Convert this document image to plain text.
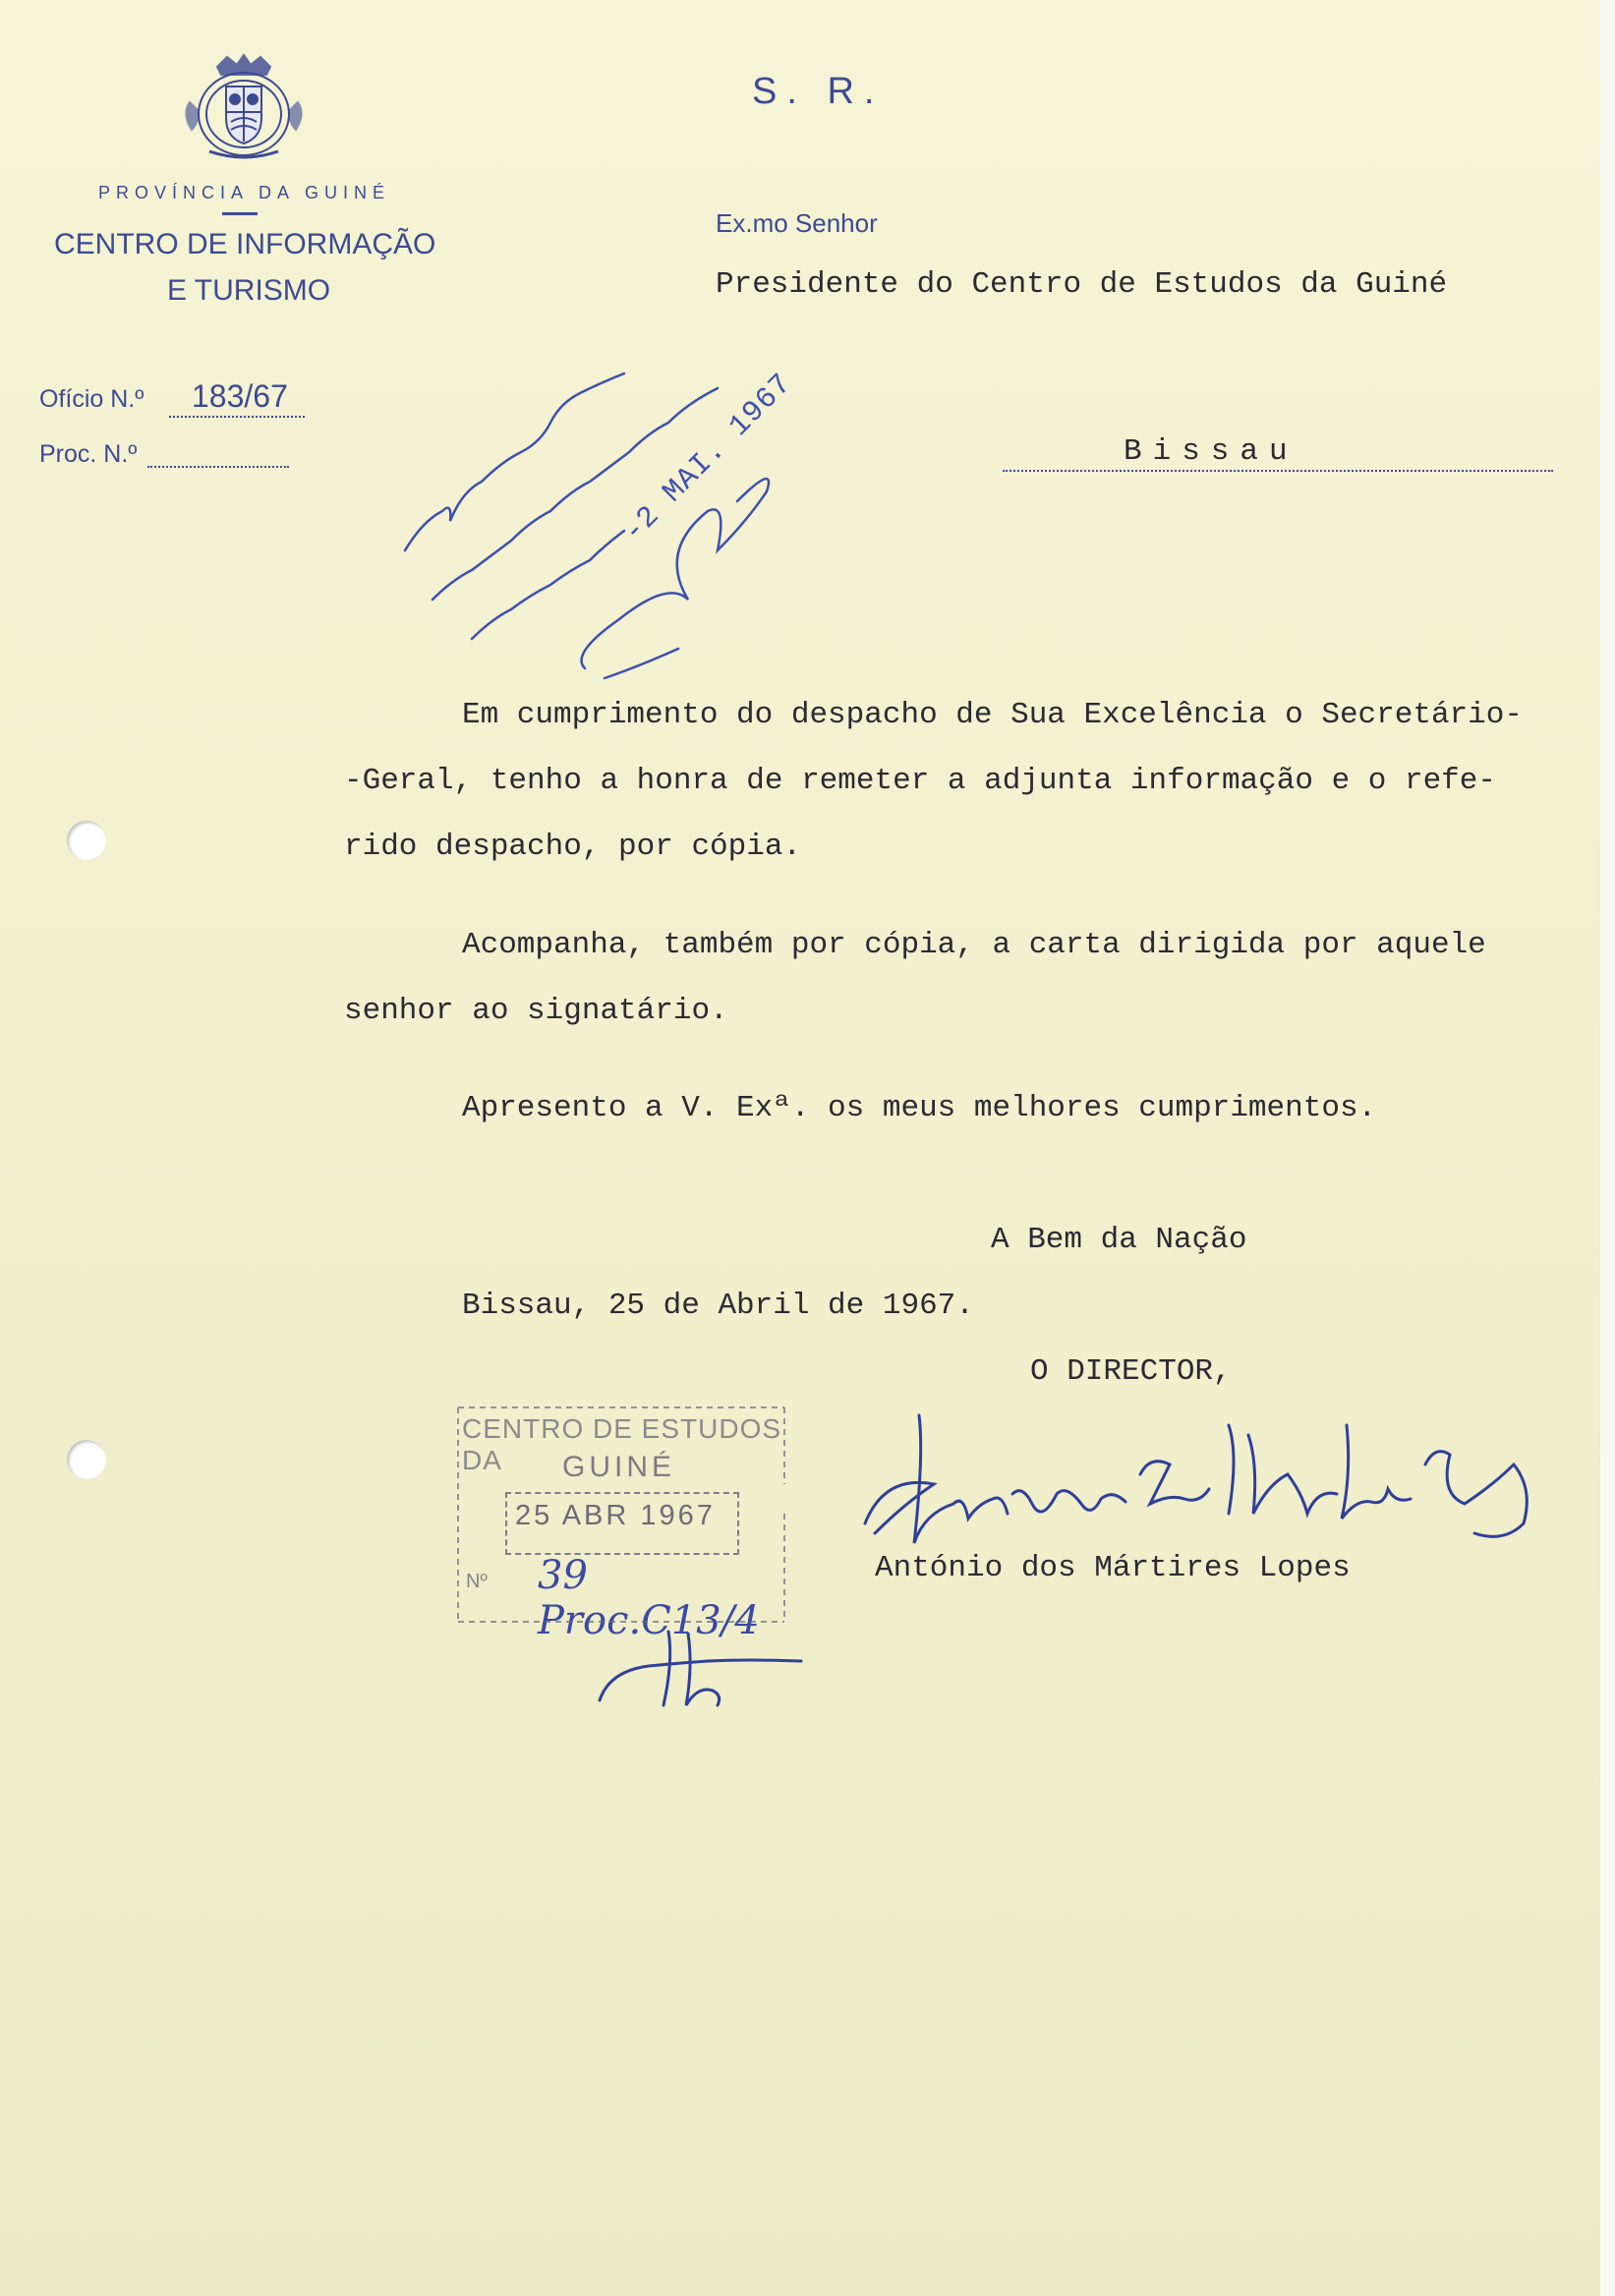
PROVÍNCIA DA GUINÉ
CENTRO DE INFORMAÇÃO
E TURISMO
Ofício N.º 183/67
Proc. N.º
S. R.
Ex.mo Senhor
Presidente do Centro de Estudos da Guiné
Bissau
-2 MAI. 1967
Em cumprimento do despacho de Sua Excelência o Secretário-
-Geral, tenho a honra de remeter a adjunta informação e o refe-
rido despacho, por cópia.
Acompanha, também por cópia, a carta dirigida por aquele
senhor ao signatário.
Apresento a V. Exª. os meus melhores cumprimentos.
A Bem da Nação
Bissau, 25 de Abril de 1967.
O DIRECTOR,
António dos Mártires Lopes
CENTRO DE ESTUDOS DA	GUINÉ
25 ABR 1967
Nº 39 Proc.C13/4
